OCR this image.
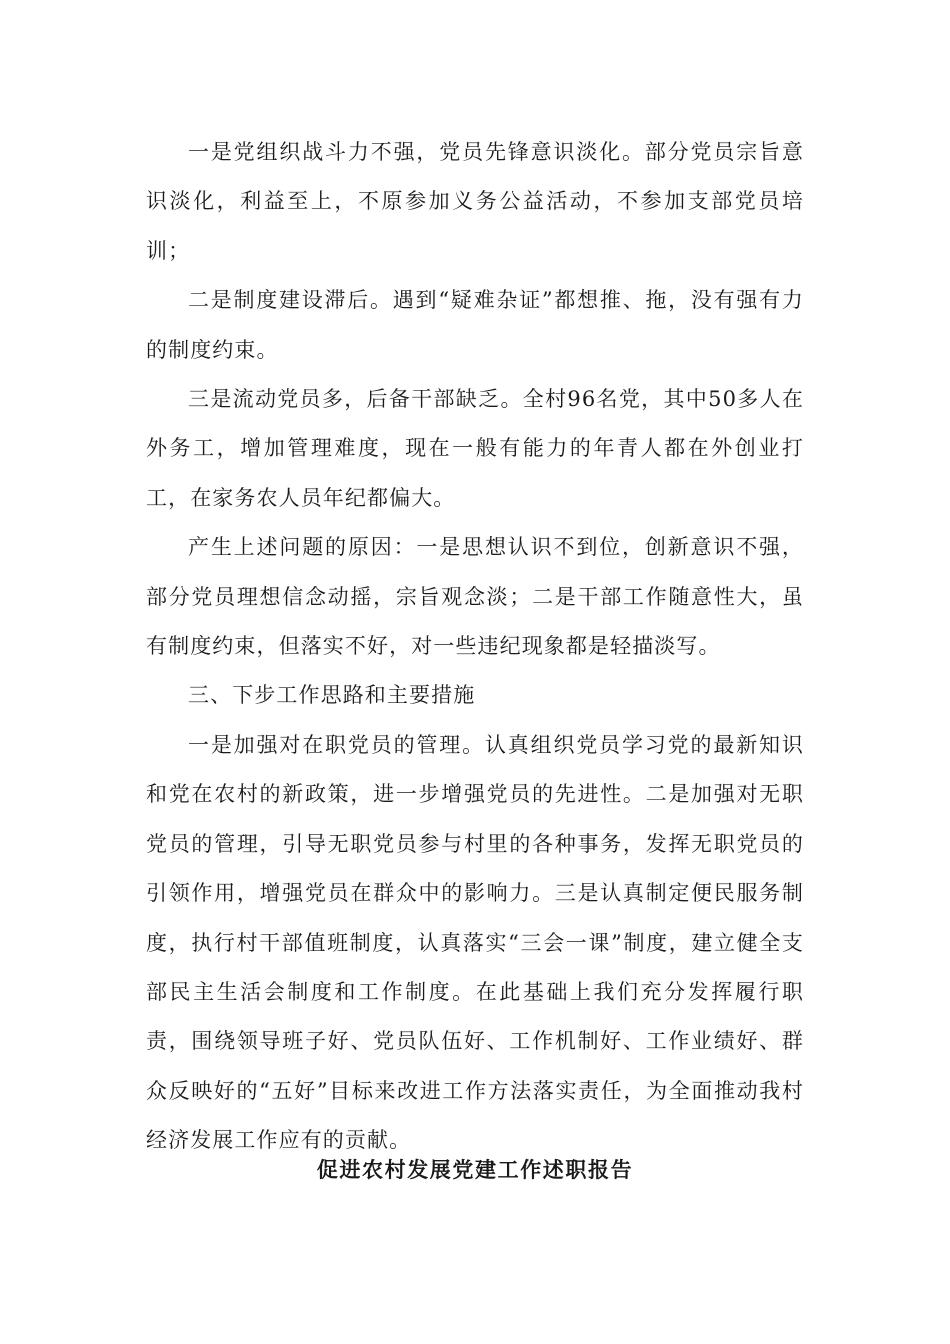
一是党组织战斗力不强，党员先锋意识淡化。部分党员宗旨意识淡化，利益至上，不原参加义务公益活动，不参加支部党员培训；

二是制度建设滞后。遇到“疑难杂证”都想推、拖，没有强有力的制度约束。

三是流动党员多，后备干部缺乏。全村96名党，其中50多人在外务工，增加管理难度，现在一般有能力的年青人都在外创业打工，在家务农人员年纪都偏大。

产生上述问题的原因：一是思想认识不到位，创新意识不强，部分党员理想信念动摇，宗旨观念淡；二是干部工作随意性大，虽有制度约束，但落实不好，对一些违纪现象都是轻描淡写。

三、下步工作思路和主要措施

一是加强对在职党员的管理。认真组织党员学习党的最新知识和党在农村的新政策，进一步增强党员的先进性。二是加强对无职党员的管理，引导无职党员参与村里的各种事务，发挥无职党员的引领作用，增强党员在群众中的影响力。三是认真制定便民服务制度，执行村干部值班制度，认真落实“三会一课”制度，建立健全支部民主生活会制度和工作制度。在此基础上我们充分发挥履行职责，围绕领导班子好、党员队伍好、工作机制好、工作业绩好、群众反映好的“五好”目标来改进工作方法落实责任，为全面推动我村经济发展工作应有的贡献。

促进农村发展党建工作述职报告
